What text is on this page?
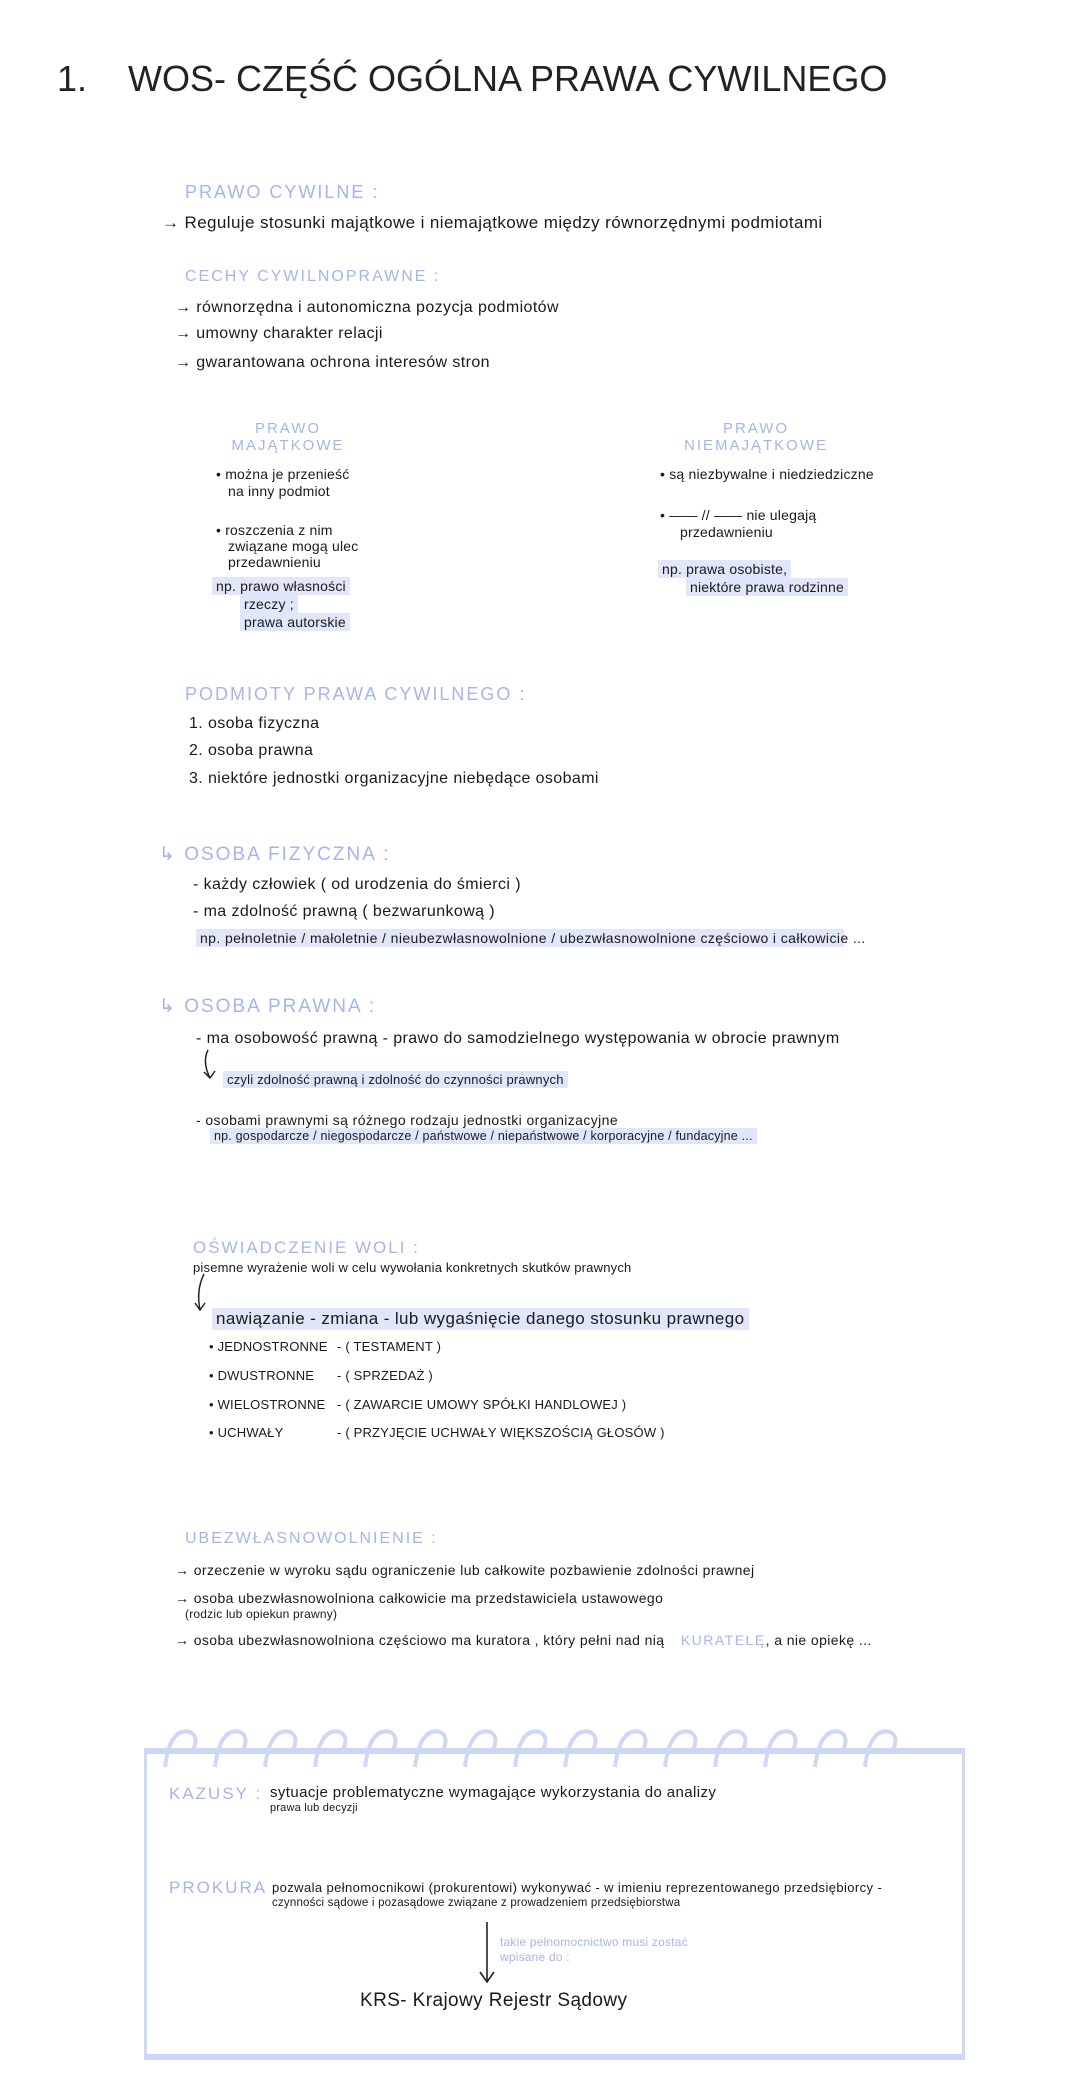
1. WOS- CZĘŚĆ OGÓLNA PRAWA CYWILNEGO
PRAWO CYWILNE :
→ Reguluje stosunki majątkowe i niemajątkowe między równorzędnymi podmiotami
CECHY CYWILNOPRAWNE :
→ równorzędna i autonomiczna pozycja podmiotów
→ umowny charakter relacji
→ gwarantowana ochrona interesów stron
PRAWO
MAJĄTKOWE
• można je przenieść
na inny podmiot
• roszczenia z nim
związane mogą ulec
przedawnieniu
np. prawo własności
rzeczy ;
prawa autorskie
PRAWO
NIEMAJĄTKOWE
• są niezbywalne i niedziedziczne
• —— // —— nie ulegają
przedawnieniu
np. prawa osobiste,
niektóre prawa rodzinne
PODMIOTY PRAWA CYWILNEGO :
1. osoba fizyczna
2. osoba prawna
3. niektóre jednostki organizacyjne niebędące osobami
↳ OSOBA FIZYCZNA :
- każdy człowiek ( od urodzenia do śmierci )
- ma zdolność prawną ( bezwarunkową )
np. pełnoletnie / małoletnie / nieubezwłasnowolnione / ubezwłasnowolnione częściowo i całkowicie ...
↳ OSOBA PRAWNA :
- ma osobowość prawną - prawo do samodzielnego występowania w obrocie prawnym
czyli zdolność prawną i zdolność do czynności prawnych
- osobami prawnymi są różnego rodzaju jednostki organizacyjne
np. gospodarcze / niegospodarcze / państwowe / niepaństwowe / korporacyjne / fundacyjne ...
OŚWIADCZENIE WOLI :
pisemne wyrażenie woli w celu wywołania konkretnych skutków prawnych
nawiązanie - zmiana - lub wygaśnięcie danego stosunku prawnego
• JEDNOSTRONNE - ( TESTAMENT )
• DWUSTRONNE - ( SPRZEDAŻ )
• WIELOSTRONNE - ( ZAWARCIE UMOWY SPÓŁKI HANDLOWEJ )
• UCHWAŁY	- ( PRZYJĘCIE UCHWAŁY WIĘKSZOŚCIĄ GŁOSÓW )
UBEZWŁASNOWOLNIENIE :
→ orzeczenie w wyroku sądu ograniczenie lub całkowite pozbawienie zdolności prawnej
→ osoba ubezwłasnowolniona całkowicie ma przedstawiciela ustawowego
(rodzic lub opiekun prawny)
→ osoba ubezwłasnowolniona częściowo ma kuratora , który pełni nad nią KURATELĘ, a nie opiekę ...
KAZUSY : sytuacje problematyczne wymagające wykorzystania do analizy
prawa lub decyzji
PROKURA :
pozwala pełnomocnikowi (prokurentowi) wykonywać - w imieniu reprezentowanego przedsiębiorcy -
czynności sądowe i pozasądowe związane z prowadzeniem przedsiębiorstwa
takie pełnomocnictwo musi zostać
wpisane do :
KRS- Krajowy Rejestr Sądowy
